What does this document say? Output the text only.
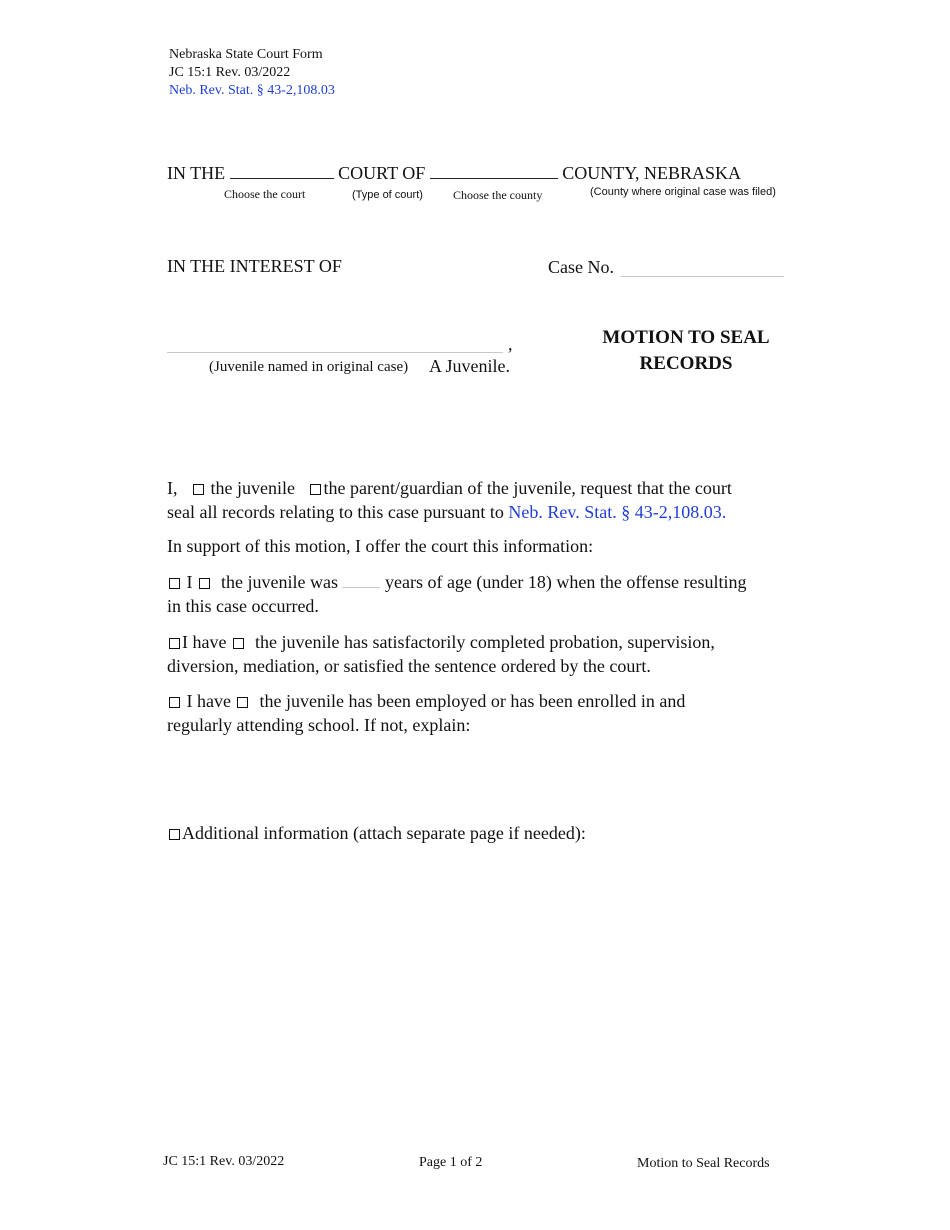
Nebraska State Court Form
JC 15:1 Rev. 03/2022
Neb. Rev. Stat. § 43-2,108.03
IN THE	COURT OF	COUNTY, NEBRASKA
Choose the court	(Type of court)	Choose the county	(County where original case was filed)
IN THE INTEREST OF	Case No.
,
(Juvenile named in original case) A Juvenile.
MOTION TO SEAL
RECORDS
I, the juvenile the parent/guardian of the juvenile, request that the court
seal all records relating to this case pursuant to Neb. Rev. Stat. § 43-2,108.03.
In support of this motion, I offer the court this information:
I the juvenile was	years of age (under 18) when the offense resulting
in this case occurred.
I have the juvenile has satisfactorily completed probation, supervision,
diversion, mediation, or satisfied the sentence ordered by the court.
I have the juvenile has been employed or has been enrolled in and
regularly attending school. If not, explain:
Additional information (attach separate page if needed):
JC 15:1 Rev. 03/2022	Page 1 of 2	Motion to Seal Records
